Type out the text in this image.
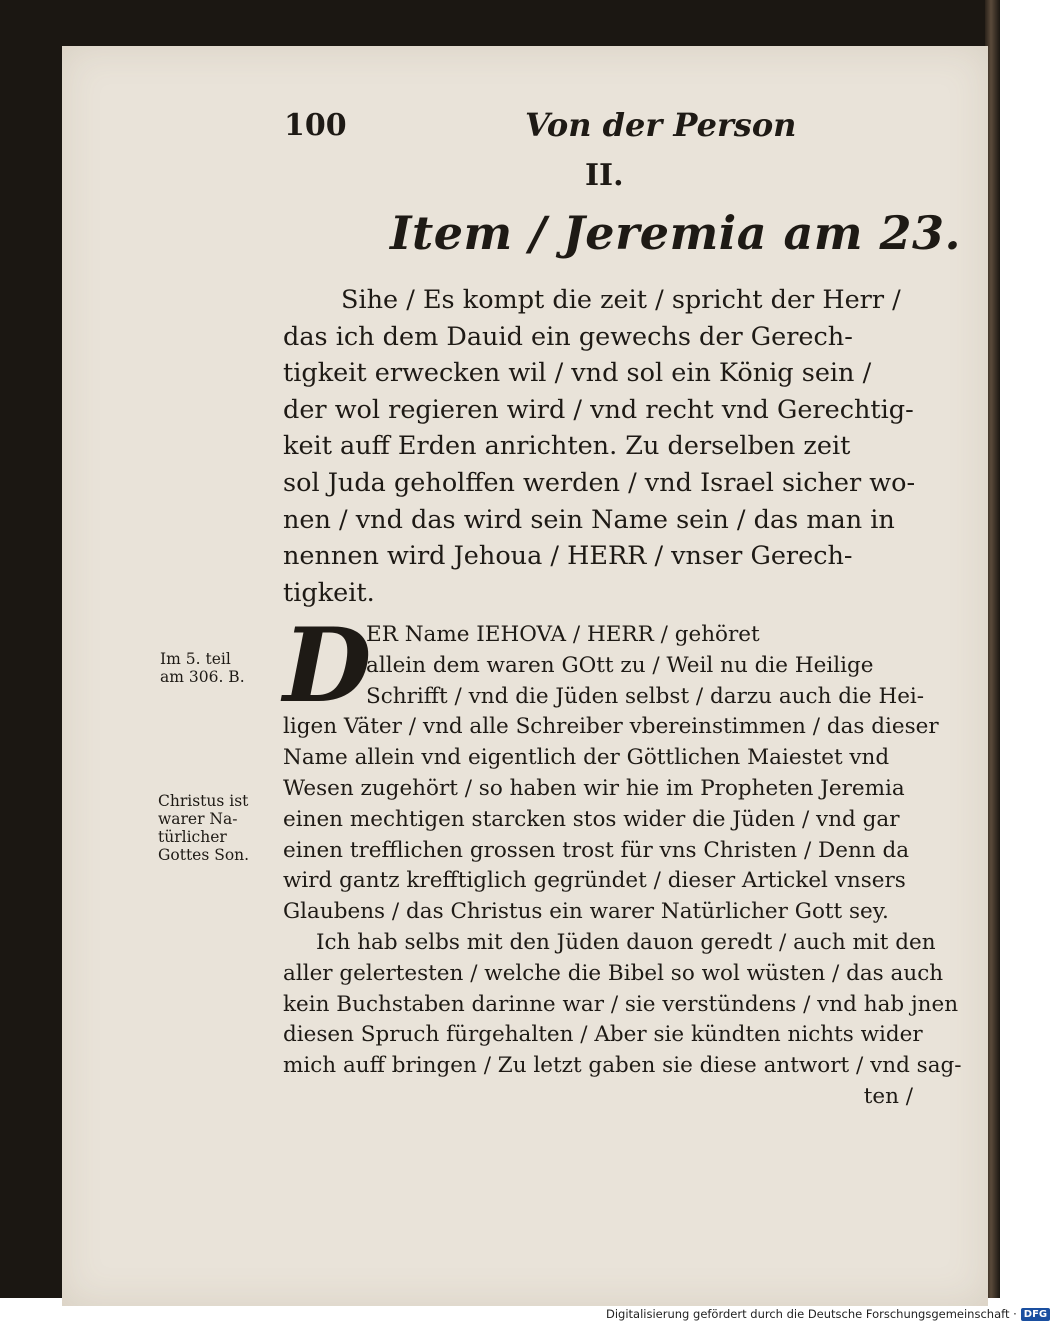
100	Von der Person
II.
Item / Jeremia am 23.
Sihe / Es kompt die zeit / spricht der Herr /
das ich dem Dauid ein gewechs der Gerech-
tigkeit erwecken wil / vnd sol ein König sein /
der wol regieren wird / vnd recht vnd Gerechtig-
keit auff Erden anrichten. Zu derselben zeit
sol Juda geholffen werden / vnd Israel sicher wo-
nen / vnd das wird sein Name sein / das man in
nennen wird Jehoua / HERR / vnser Gerech-
tigkeit.
D
ER Name IEHOVA / HERR / gehöret
allein dem waren GOtt zu / Weil nu die Heilige
Schrifft / vnd die Jüden selbst / darzu auch die Hei-
ligen Väter / vnd alle Schreiber vbereinstimmen / das dieser
Name allein vnd eigentlich der Göttlichen Maiestet vnd
Wesen zugehört / so haben wir hie im Propheten Jeremia
einen mechtigen starcken stos wider die Jüden / vnd gar
einen trefflichen grossen trost für vns Christen / Denn da
wird gantz krefftiglich gegründet / dieser Artickel vnsers
Glaubens / das Christus ein warer Natürlicher Gott sey.
Ich hab selbs mit den Jüden dauon geredt / auch mit den
aller gelertesten / welche die Bibel so wol wüsten / das auch
kein Buchstaben darinne war / sie verstündens / vnd hab jnen
diesen Spruch fürgehalten / Aber sie kündten nichts wider
mich auff bringen / Zu letzt gaben sie diese antwort / vnd sag-
ten /
Im 5. teil
am 306. B.
Christus ist
warer Na-
türlicher
Gottes Son.
Digitalisierung gefördert durch die Deutsche Forschungsgemeinschaft · DFG
